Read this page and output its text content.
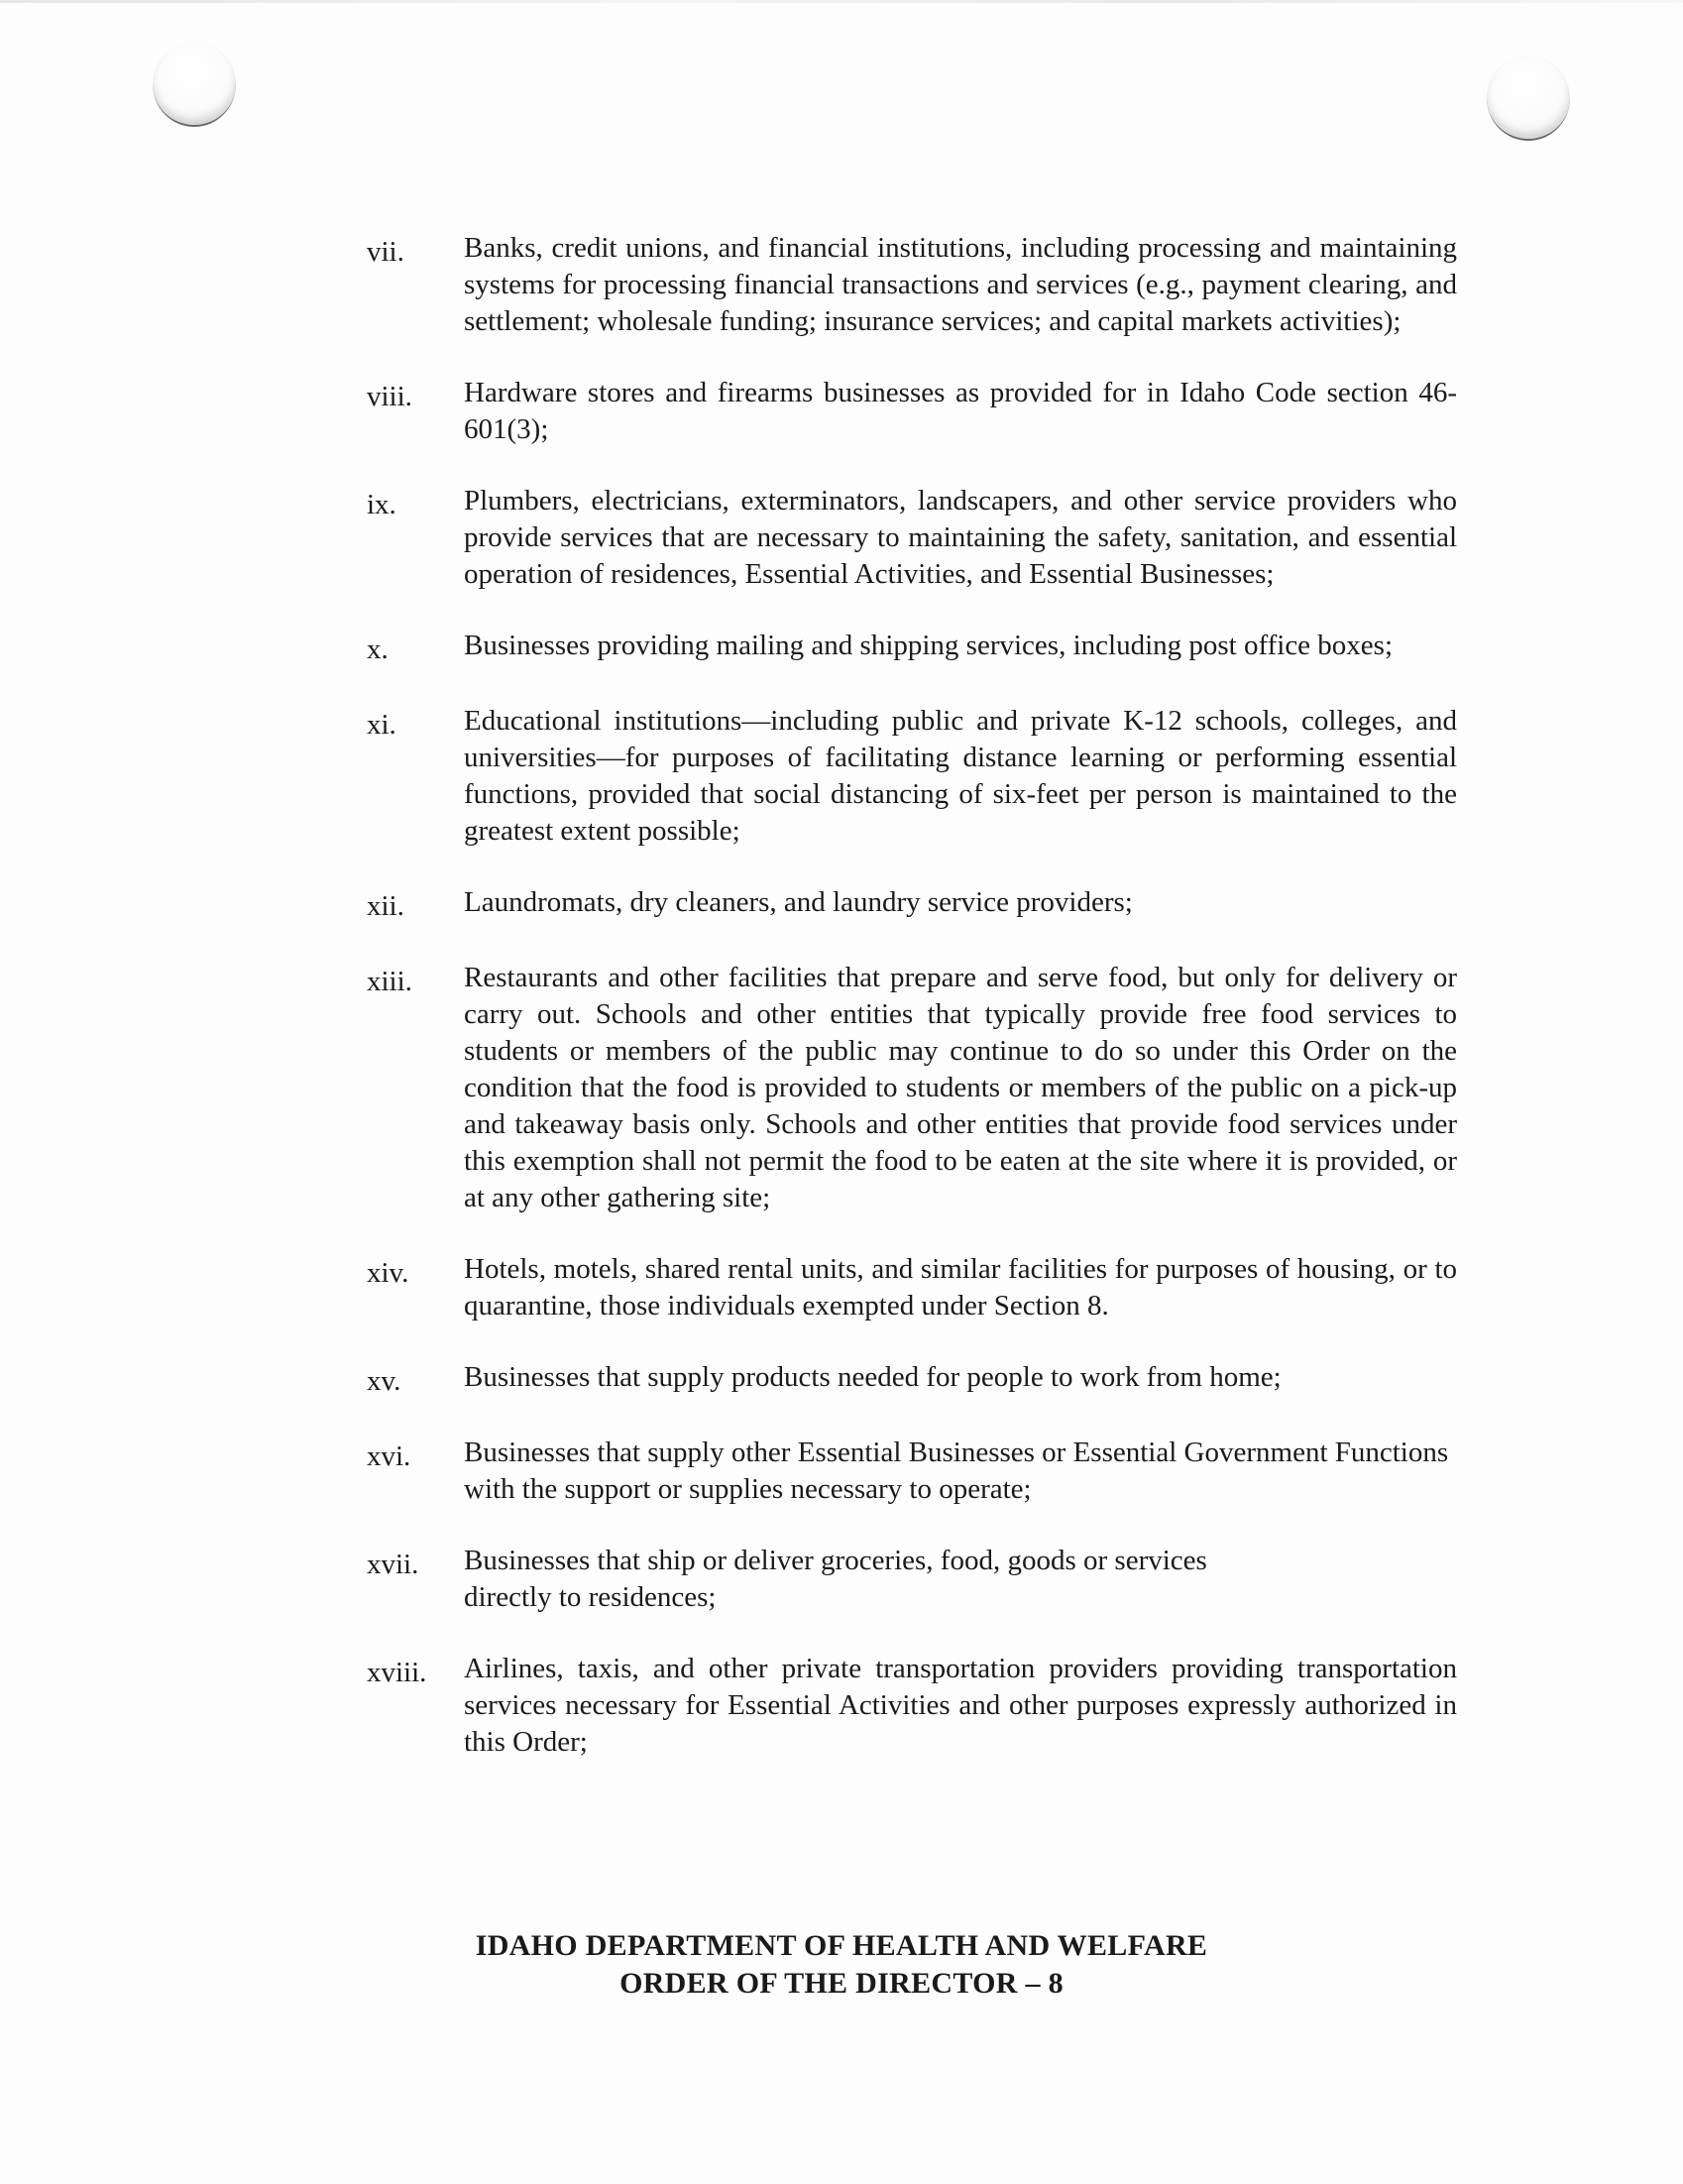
vii.	Banks, credit unions, and financial institutions, including processing and maintaining systems for processing financial transactions and services (e.g., payment clearing, and settlement; wholesale funding; insurance services; and capital markets activities);
viii.	Hardware stores and firearms businesses as provided for in Idaho Code section 46-601(3);
ix.	Plumbers, electricians, exterminators, landscapers, and other service providers who provide services that are necessary to maintaining the safety, sanitation, and essential operation of residences, Essential Activities, and Essential Businesses;
x.	Businesses providing mailing and shipping services, including post office boxes;
xi.	Educational institutions—including public and private K-12 schools, colleges, and universities—for purposes of facilitating distance learning or performing essential functions, provided that social distancing of six-feet per person is maintained to the greatest extent possible;
xii.	Laundromats, dry cleaners, and laundry service providers;
xiii.	Restaurants and other facilities that prepare and serve food, but only for delivery or carry out. Schools and other entities that typically provide free food services to students or members of the public may continue to do so under this Order on the condition that the food is provided to students or members of the public on a pick-up and takeaway basis only. Schools and other entities that provide food services under this exemption shall not permit the food to be eaten at the site where it is provided, or at any other gathering site;
xiv.	Hotels, motels, shared rental units, and similar facilities for purposes of housing, or to quarantine, those individuals exempted under Section 8.
xv.	Businesses that supply products needed for people to work from home;
xvi.	Businesses that supply other Essential Businesses or Essential Government Functions with the support or supplies necessary to operate;
xvii.	Businesses that ship or deliver groceries, food, goods or services directly to residences;
xviii.	Airlines, taxis, and other private transportation providers providing transportation services necessary for Essential Activities and other purposes expressly authorized in this Order;
IDAHO DEPARTMENT OF HEALTH AND WELFARE
ORDER OF THE DIRECTOR – 8
